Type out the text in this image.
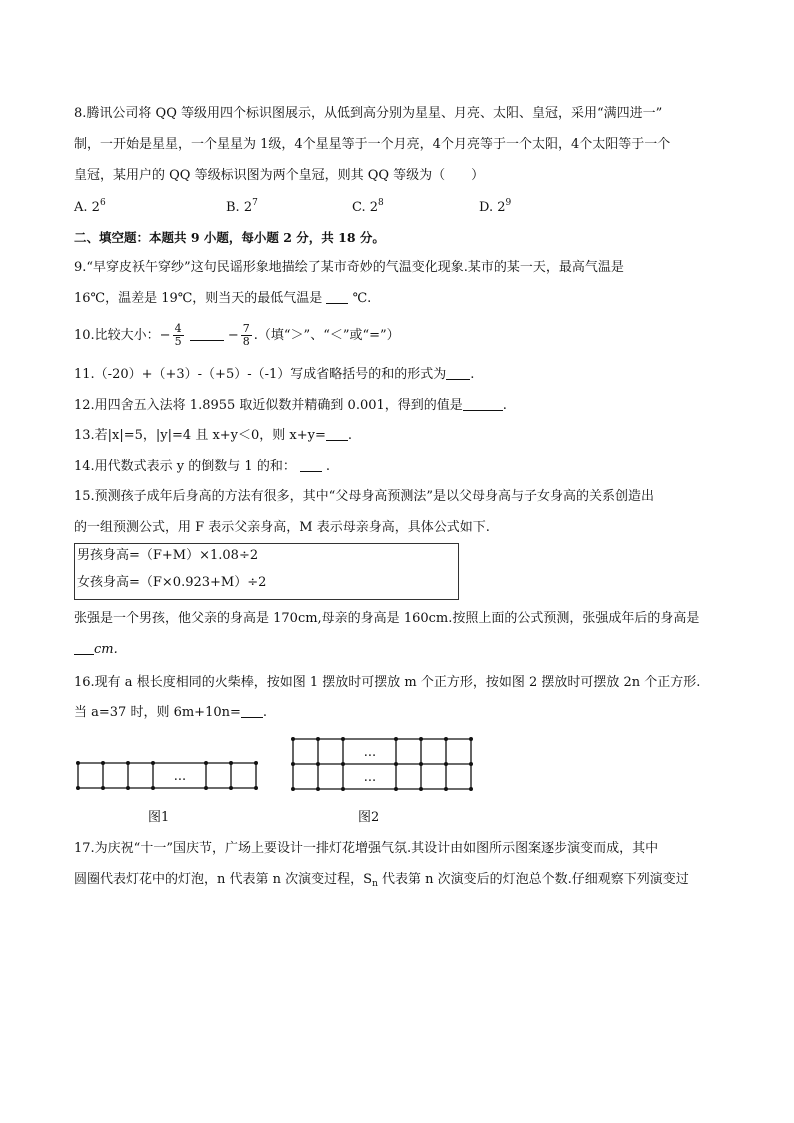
8.腾讯公司将 QQ 等级用四个标识图展示，从低到高分别为星星、月亮、太阳、皇冠，采用“满四进一”
制，一开始是星星，一个星星为 1级，4个星星等于一个月亮，4个月亮等于一个太阳，4个太阳等于一个
皇冠，某用户的 QQ 等级标识图为两个皇冠，则其 QQ 等级为（　　）
A. $2^6$	B. $2^7$	C. $2^8$	D. $2^9$
二、填空题：本题共 9 小题，每小题 2 分，共 18 分。
9.“早穿皮袄午穿纱”这句民谣形象地描绘了某市奇妙的气温变化现象.某市的某一天，最高气温是
16℃，温差是 19℃，则当天的最低气温是 ℃.
10.比较大小：− $\frac{4}{5}$	− $\frac{7}{8}$ .（填“＞”、“＜”或“=”）
11.（-20）+（+3）-（+5）-（-1）写成省略括号的和的形式为 .
12.用四舍五入法将 1.8955 取近似数并精确到 0.001，得到的值是	.
13.若|x|=5，|y|=4 且 x+y＜0，则 x+y= .
14.用代数式表示 y 的倒数与 1 的和： .
15.预测孩子成年后身高的方法有很多，其中“父母身高预测法”是以父母身高与子女身高的关系创造出
的一组预测公式，用 F 表示父亲身高，M 表示母亲身高，具体公式如下.
男孩身高=（F+M）×1.08÷2
女孩身高=（F×0.923+M）÷2
张强是一个男孩，他父亲的身高是 170cm,母亲的身高是 160cm.按照上面的公式预测，张强成年后的身高是
cm.
16.现有 a 根长度相同的火柴棒，按如图 1 摆放时可摆放 m 个正方形，按如图 2 摆放时可摆放 2n 个正方形.
当 a=37 时，则 6m+10n= .
...
图1
...
...
图2
17.为庆祝“十一”国庆节，广场上要设计一排灯花增强气氛.其设计由如图所示图案逐步演变而成，其中
圆圈代表灯花中的灯泡，n 代表第 n 次演变过程，$S_n$ 代表第 n 次演变后的灯泡总个数.仔细观察下列演变过
